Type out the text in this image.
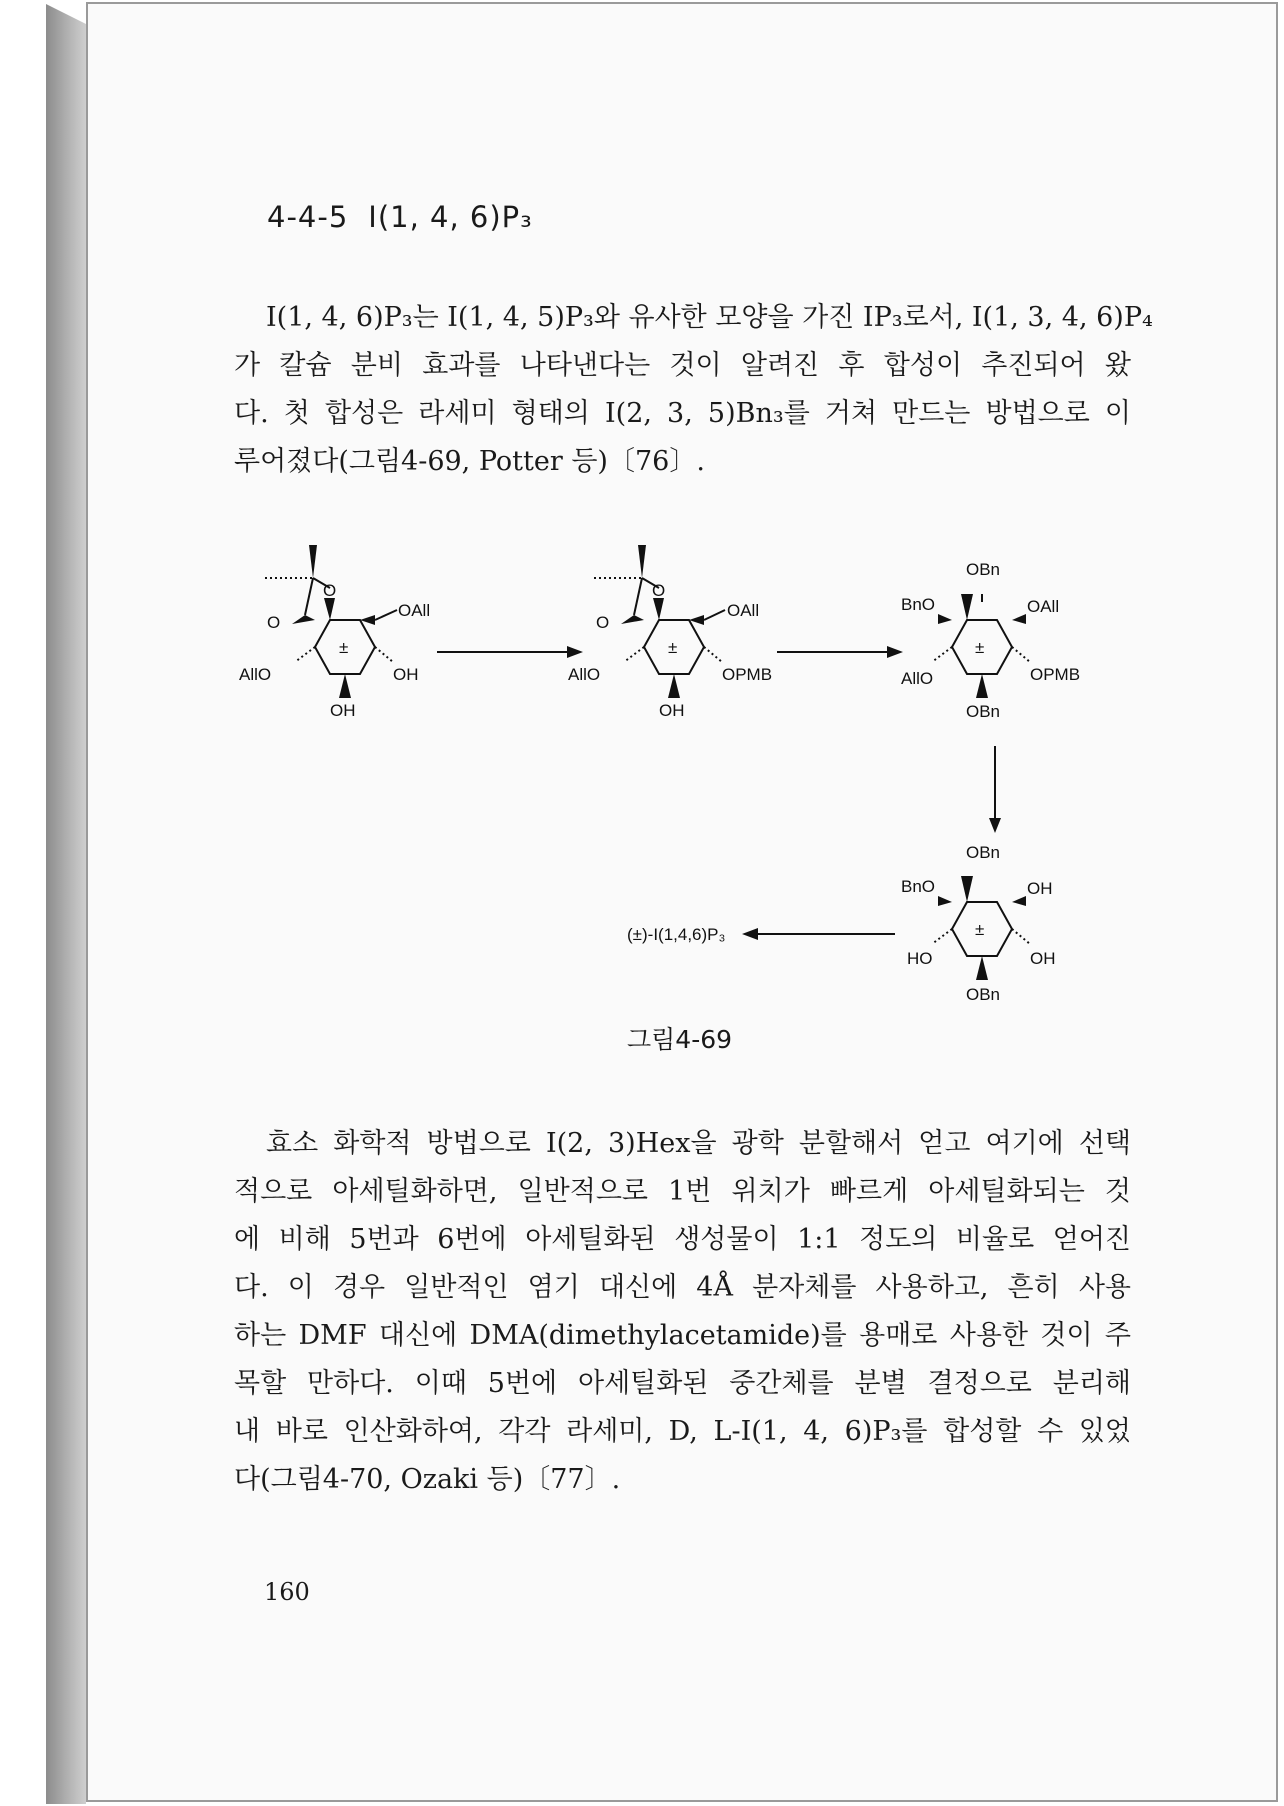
4-4-5 I(1, 4, 6)P₃
I(1, 4, 6)P₃는 I(1, 4, 5)P₃와 유사한 모양을 가진 IP₃로서, I(1, 3, 4, 6)P₄
가 칼슘 분비 효과를 나타낸다는 것이 알려진 후 합성이 추진되어 왔
다. 첫 합성은 라세미 형태의 I(2, 3, 5)Bn₃를 거쳐 만드는 방법으로 이
루어졌다(그림4-69, Potter 등)〔76〕.
O
O
OAll
AllO	OH
OH
±
O
O
OAll
AllO	OPMB
OH
±
OBn
BnO	OAll
AllO	OPMB
OBn
±
OBn
BnO	OH
HO	OH
OBn
±
(±)-I(1,4,6)P₃
그림4-69
효소 화학적 방법으로 I(2, 3)Hex을 광학 분할해서 얻고 여기에 선택
적으로 아세틸화하면, 일반적으로 1번 위치가 빠르게 아세틸화되는 것
에 비해 5번과 6번에 아세틸화된 생성물이 1:1 정도의 비율로 얻어진
다. 이 경우 일반적인 염기 대신에 4Å 분자체를 사용하고, 흔히 사용
하는 DMF 대신에 DMA(dimethylacetamide)를 용매로 사용한 것이 주
목할 만하다. 이때 5번에 아세틸화된 중간체를 분별 결정으로 분리해
내 바로 인산화하여, 각각 라세미, D, L-I(1, 4, 6)P₃를 합성할 수 있었
다(그림4-70, Ozaki 등)〔77〕.
160
